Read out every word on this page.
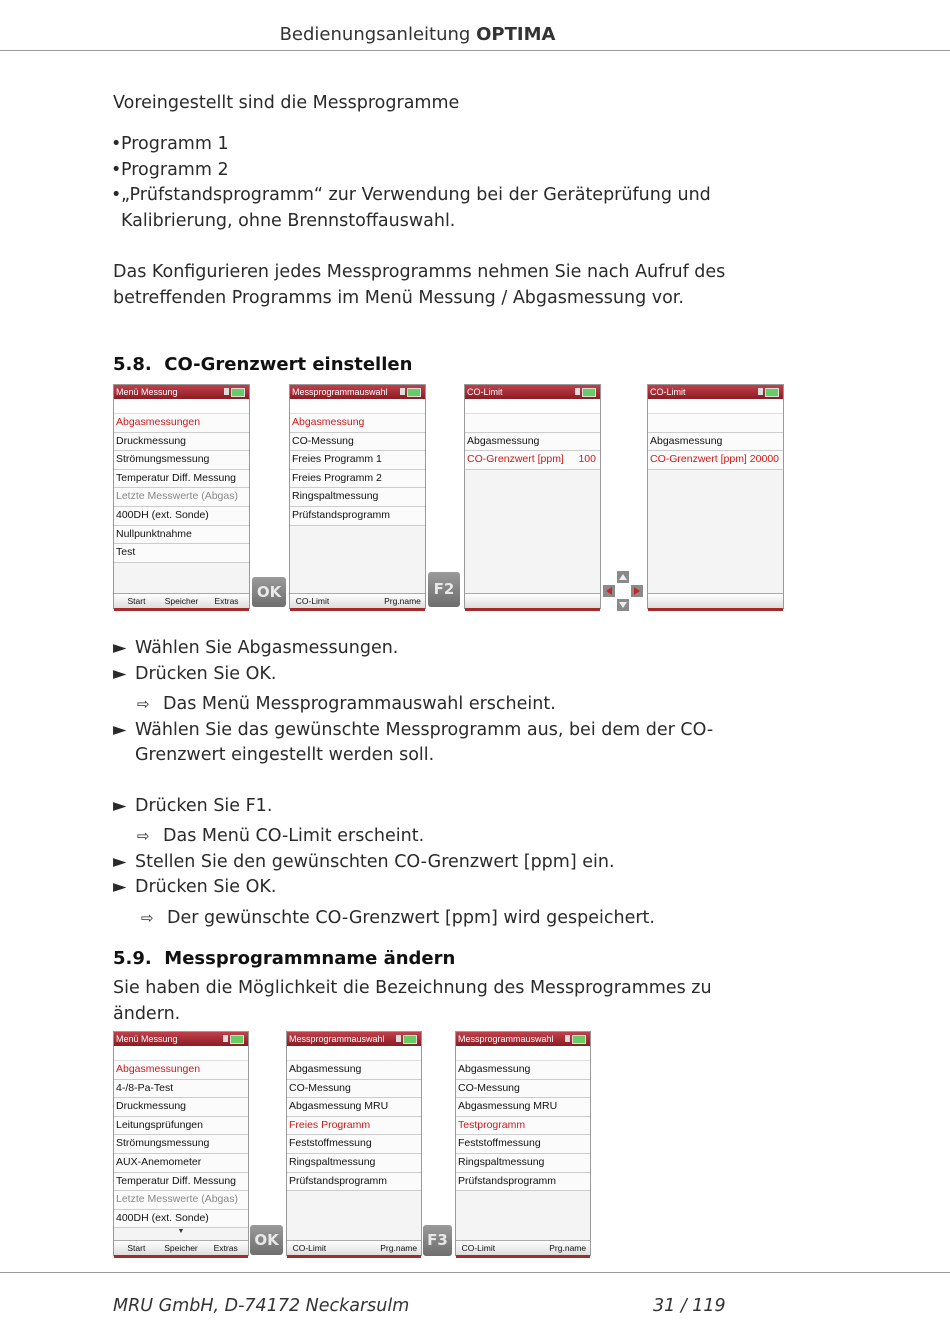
Bedienungsanleitung OPTIMA
Voreingestellt sind die Messprogramme
• Programm 1
• Programm 2
• „Prüfstandsprogramm“ zur Verwendung bei der Geräteprüfung und
Kalibrierung, ohne Brennstoffauswahl.
Das Konfigurieren jedes Messprogramms nehmen Sie nach Aufruf des
betreffenden Programms im Menü Messung / Abgasmessung vor.
5.8. CO-Grenzwert einstellen
Menü Messung
Abgasmessungen
Druckmessung
Strömungsmessung
Temperatur Diff. Messung
Letzte Messwerte (Abgas)
400DH (ext. Sonde)
Nullpunktnahme
Test
Start	Speicher	Extras	OK
Messprogrammauswahl
Abgasmessung
CO-Messung
Freies Programm 1
Freies Programm 2
Ringspaltmessung
Prüfstandsprogramm
CO-Limit	Prg.name
F2
CO-Limit
Abgasmessung
CO-Grenzwert [ppm] 100
CO-Limit
Abgasmessung
CO-Grenzwert [ppm] 20000
► Wählen Sie Abgasmessungen.
► Drücken Sie OK.
⇨ Das Menü Messprogrammauswahl erscheint.
► Wählen Sie das gewünschte Messprogramm aus, bei dem der CO-
Grenzwert eingestellt werden soll.
► Drücken Sie F1.
⇨ Das Menü CO-Limit erscheint.
► Stellen Sie den gewünschten CO-Grenzwert [ppm] ein.
► Drücken Sie OK.
⇨ Der gewünschte CO-Grenzwert [ppm] wird gespeichert.
5.9. Messprogrammname ändern
Sie haben die Möglichkeit die Bezeichnung des Messprogrammes zu
ändern.
Menü Messung
Abgasmessungen
4-/8-Pa-Test
Druckmessung
Leitungsprüfungen
Strömungsmessung
AUX-Anemometer
Temperatur Diff. Messung
Letzte Messwerte (Abgas)
400DH (ext. Sonde)
▼
Start	Speicher	Extras	OK
Messprogrammauswahl
Abgasmessung
CO-Messung
Abgasmessung MRU
Freies Programm
Feststoffmessung
Ringspaltmessung
Prüfstandsprogramm
CO-Limit	Prg.name F3
Messprogrammauswahl
Abgasmessung
CO-Messung
Abgasmessung MRU
Testprogramm
Feststoffmessung
Ringspaltmessung
Prüfstandsprogramm
CO-Limit	Prg.name
MRU GmbH, D-74172 Neckarsulm	31 / 119
